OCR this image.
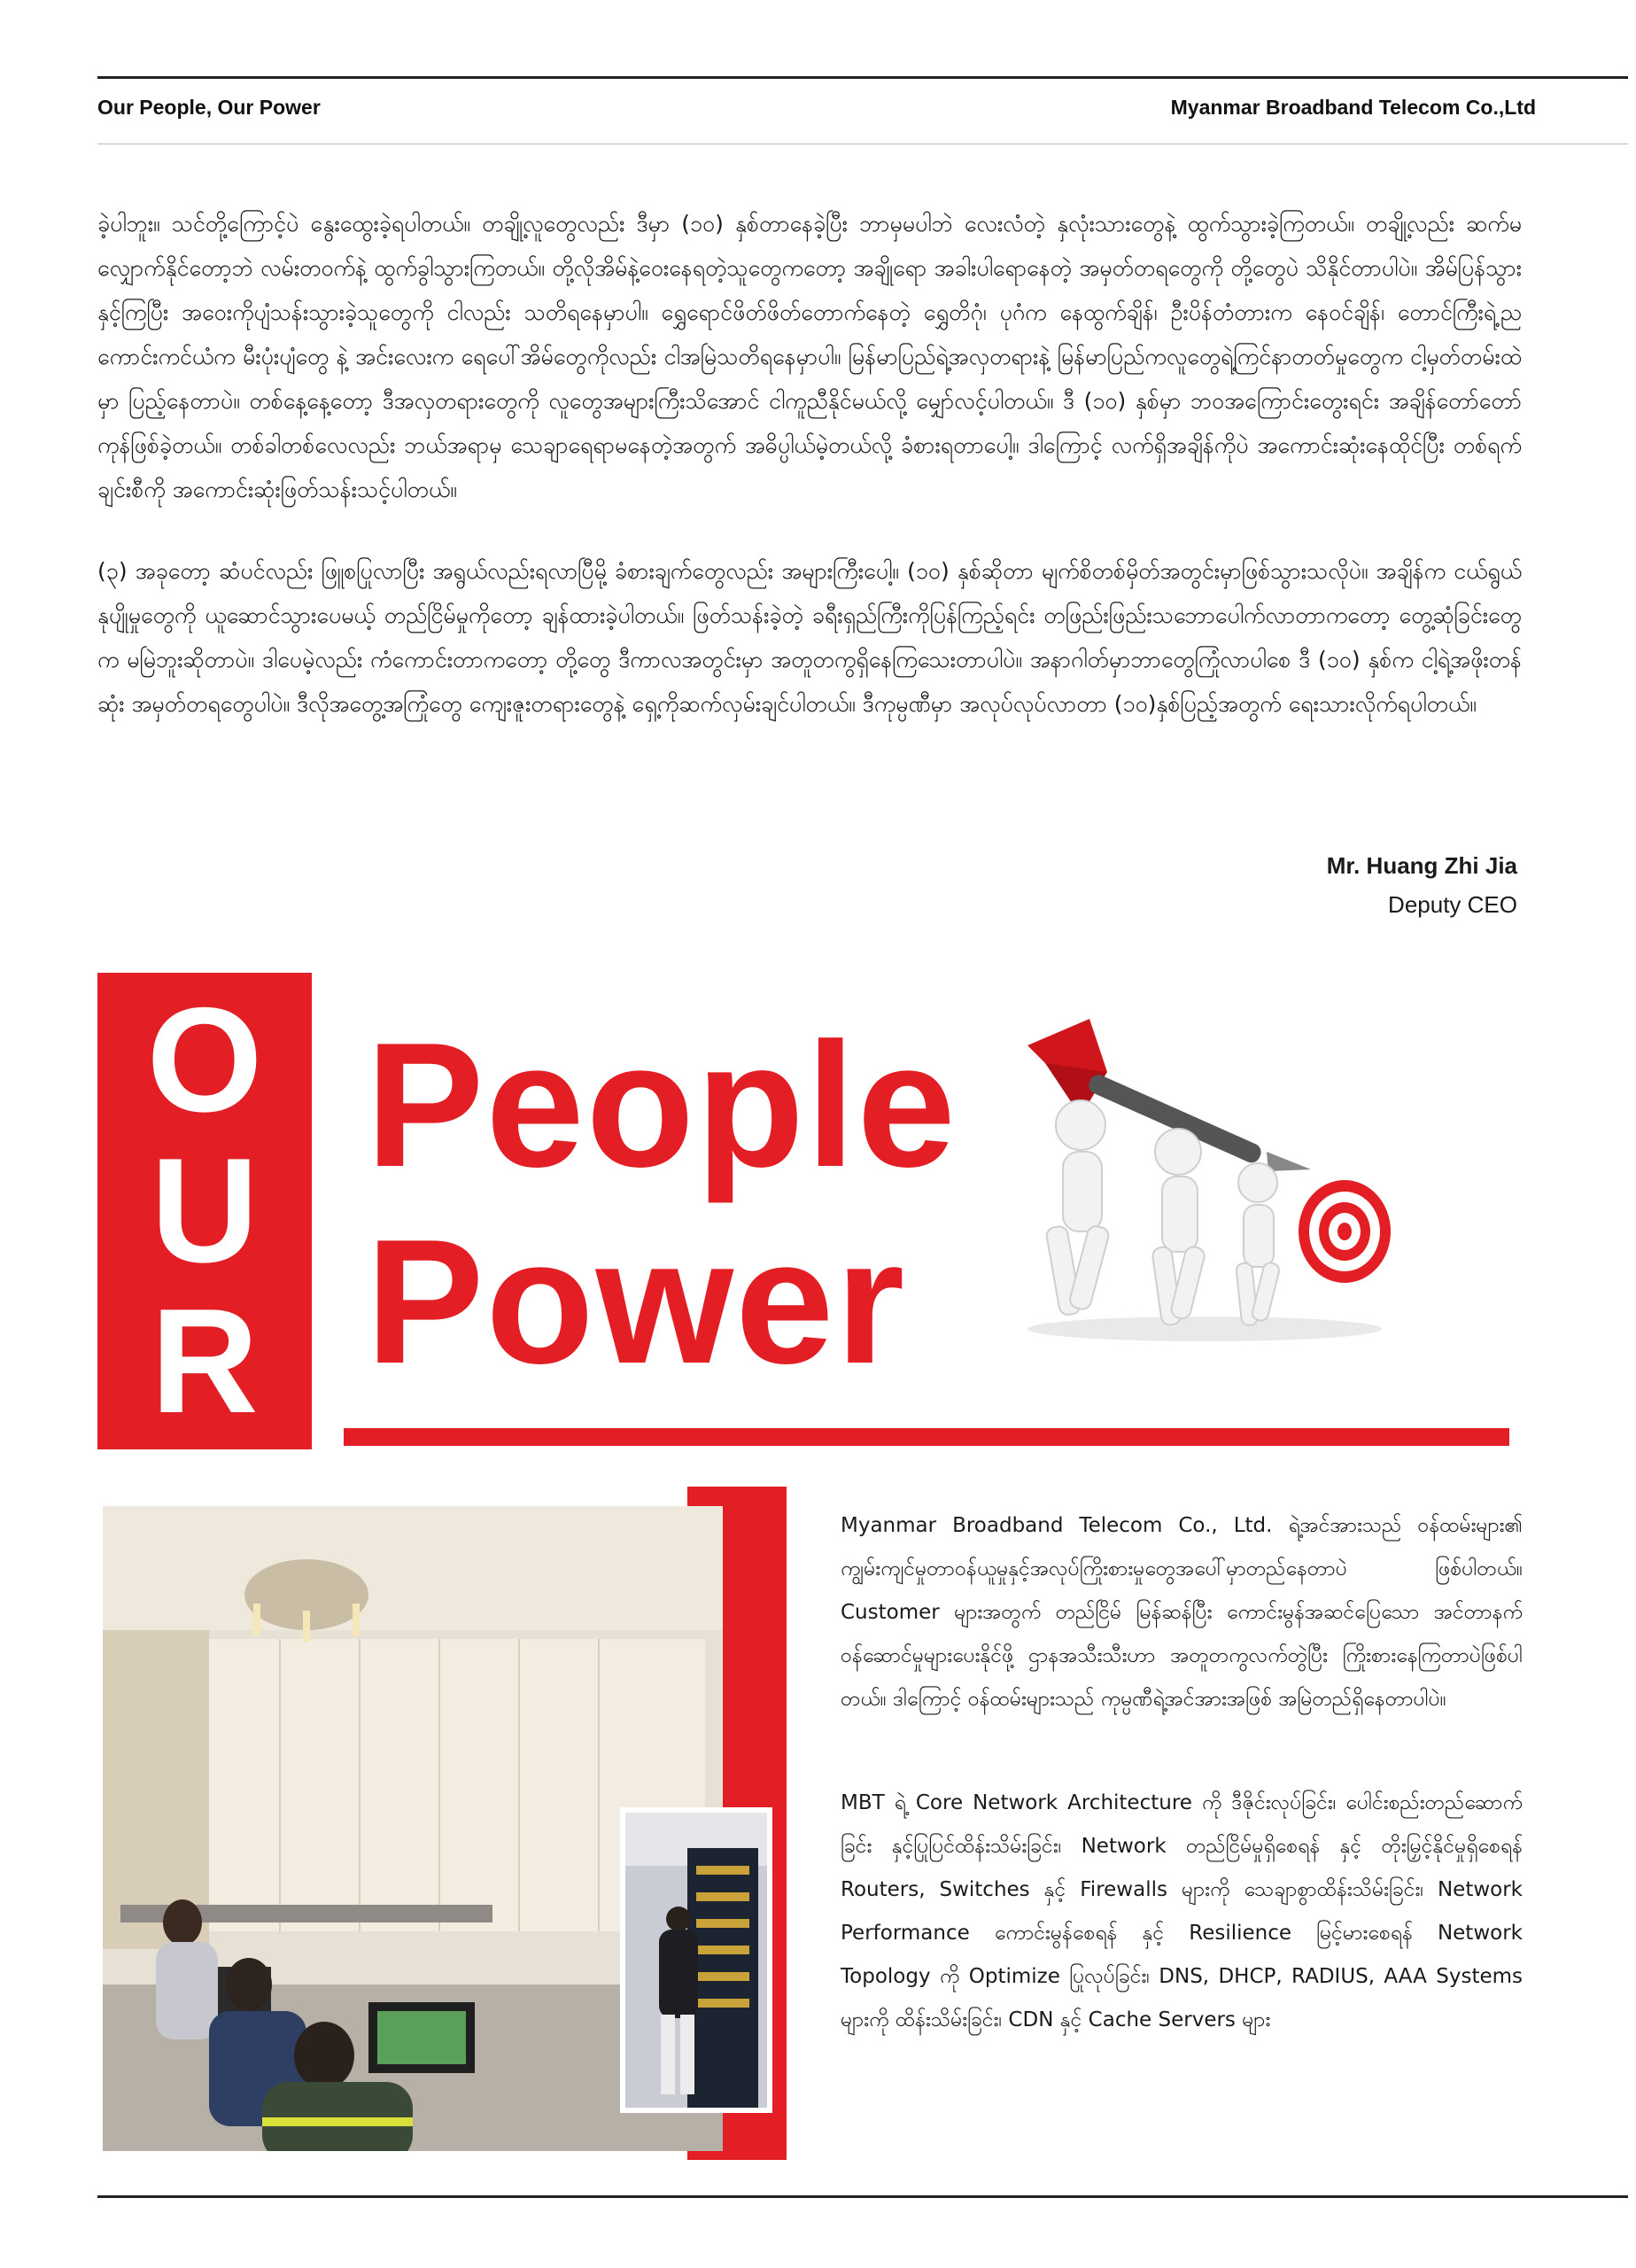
Our People, Our Power	Myanmar Broadband Telecom Co.,Ltd

ခဲ့ပါဘူး။ သင်တို့ကြောင့်ပဲ နွေးထွေးခဲ့ရပါတယ်။ တချို့လူတွေလည်း ဒီမှာ (၁၀) နှစ်တာနေခဲ့ပြီး ဘာမှမပါဘဲ လေးလံတဲ့ နှလုံးသားတွေနဲ့ ထွက်သွားခဲ့ကြတယ်။ တချို့လည်း ဆက်မလျှောက်နိုင်တော့ဘဲ လမ်းတဝက်နဲ့ ထွက်ခွါသွားကြတယ်။ တို့လိုအိမ်နဲ့ဝေးနေရတဲ့သူတွေကတော့ အချိုရော အခါးပါရောနေတဲ့ အမှတ်တရတွေကို တို့တွေပဲ သိနိုင်တာပါပဲ။ အိမ်ပြန်သွားနှင့်ကြပြီး အဝေးကိုပျံသန်းသွားခဲ့သူတွေကို ငါလည်း သတိရနေမှာပါ။ ရွှေရောင်ဖိတ်ဖိတ်တောက်နေတဲ့ ရွှေတိဂုံ၊ ပုဂံက နေထွက်ချိန်၊ ဦးပိန်တံတားက နေဝင်ချိန်၊ တောင်ကြီးရဲ့ညကောင်းကင်ယံက မီးပုံးပျံတွေ နဲ့ အင်းလေးက ရေပေါ်အိမ်တွေကိုလည်း ငါအမြဲသတိရနေမှာပါ။ မြန်မာပြည်ရဲ့အလှတရားနဲ့ မြန်မာပြည်ကလူတွေရဲ့ကြင်နာတတ်မှုတွေက ငါ့မှတ်တမ်းထဲမှာ ပြည့်နေတာပဲ။ တစ်နေ့နေ့တော့ ဒီအလှတရားတွေကို လူတွေအများကြီးသိအောင် ငါကူညီနိုင်မယ်လို့ မျှော်လင့်ပါတယ်။ ဒီ (၁၀) နှစ်မှာ ဘဝအကြောင်းတွေးရင်း အချိန်တော်တော်ကုန်ဖြစ်ခဲ့တယ်။ တစ်ခါတစ်လေလည်း ဘယ်အရာမှ သေချာရေရာမနေတဲ့အတွက် အဓိပ္ပါယ်မဲ့တယ်လို့ ခံစားရတာပေါ့။ ဒါကြောင့် လက်ရှိအချိန်ကိုပဲ အကောင်းဆုံးနေထိုင်ပြီး တစ်ရက်ချင်းစီကို အကောင်းဆုံးဖြတ်သန်းသင့်ပါတယ်။

(၃) အခုတော့ ဆံပင်လည်း ဖြူစပြုလာပြီး အရွယ်လည်းရလာပြီမို့ ခံစားချက်တွေလည်း အများကြီးပေါ့။ (၁၀) နှစ်ဆိုတာ မျက်စိတစ်မှိတ်အတွင်းမှာဖြစ်သွားသလိုပဲ။ အချိန်က ငယ်ရွယ်နုပျိုမှုတွေကို ယူဆောင်သွားပေမယ့် တည်ငြိမ်မှုကိုတော့ ချန်ထားခဲ့ပါတယ်။ ဖြတ်သန်းခဲ့တဲ့ ခရီးရှည်ကြီးကိုပြန်ကြည့်ရင်း တဖြည်းဖြည်းသဘောပေါက်လာတာကတော့ တွေ့ဆုံခြင်းတွေက မမြဲဘူးဆိုတာပဲ။ ဒါပေမဲ့လည်း ကံကောင်းတာကတော့ တို့တွေ ဒီကာလအတွင်းမှာ အတူတကွရှိနေကြသေးတာပါပဲ။ အနာဂါတ်မှာဘာတွေကြုံလာပါစေ ဒီ (၁၀) နှစ်က ငါ့ရဲ့အဖိုးတန်ဆုံး အမှတ်တရတွေပါပဲ။ ဒီလိုအတွေ့အကြုံတွေ ကျေးဇူးတရားတွေနဲ့ ရှေ့ကိုဆက်လှမ်းချင်ပါတယ်။ ဒီကုမ္ပဏီမှာ အလုပ်လုပ်လာတာ (၁၀)နှစ်ပြည့်အတွက် ရေးသားလိုက်ရပါတယ်။

Mr. Huang Zhi Jia
Deputy CEO
O
U
R
People
Power

Myanmar Broadband Telecom Co., Ltd. ရဲ့အင်အားသည် ဝန်ထမ်းများ၏ ကျွမ်းကျင်မှုတာဝန်ယူမှုနှင့်အလုပ်ကြိုးစားမှုတွေအပေါ်မှာတည်နေတာပဲ ဖြစ်ပါတယ်။ Customer များအတွက် တည်ငြိမ် မြန်ဆန်ပြီး ကောင်းမွန်အဆင်ပြေသော အင်တာနက်ဝန်ဆောင်မှုများပေးနိုင်ဖို့ ဌာနအသီးသီးဟာ အတူတကွလက်တွဲပြီး ကြိုးစားနေကြတာပဲဖြစ်ပါတယ်။ ဒါကြောင့် ဝန်ထမ်းများသည် ကုမ္ပဏီရဲ့အင်အားအဖြစ် အမြဲတည်ရှိနေတာပါပဲ။

MBT ရဲ့ Core Network Architecture ကို ဒီဇိုင်းလုပ်ခြင်း၊ ပေါင်းစည်းတည်ဆောက်ခြင်း နှင့်ပြုပြင်ထိန်းသိမ်းခြင်း၊ Network တည်ငြိမ်မှုရှိစေရန် နှင့် တိုးမြှင့်နိုင်မှုရှိစေရန် Routers, Switches နှင့် Firewalls များကို သေချာစွာထိန်းသိမ်းခြင်း၊ Network Performance ကောင်းမွန်စေရန် နှင့် Resilience မြင့်မားစေရန် Network Topology ကို Optimize ပြုလုပ်ခြင်း၊ DNS, DHCP, RADIUS, AAA Systems များကို ထိန်းသိမ်းခြင်း၊ CDN နှင့် Cache Servers များ
